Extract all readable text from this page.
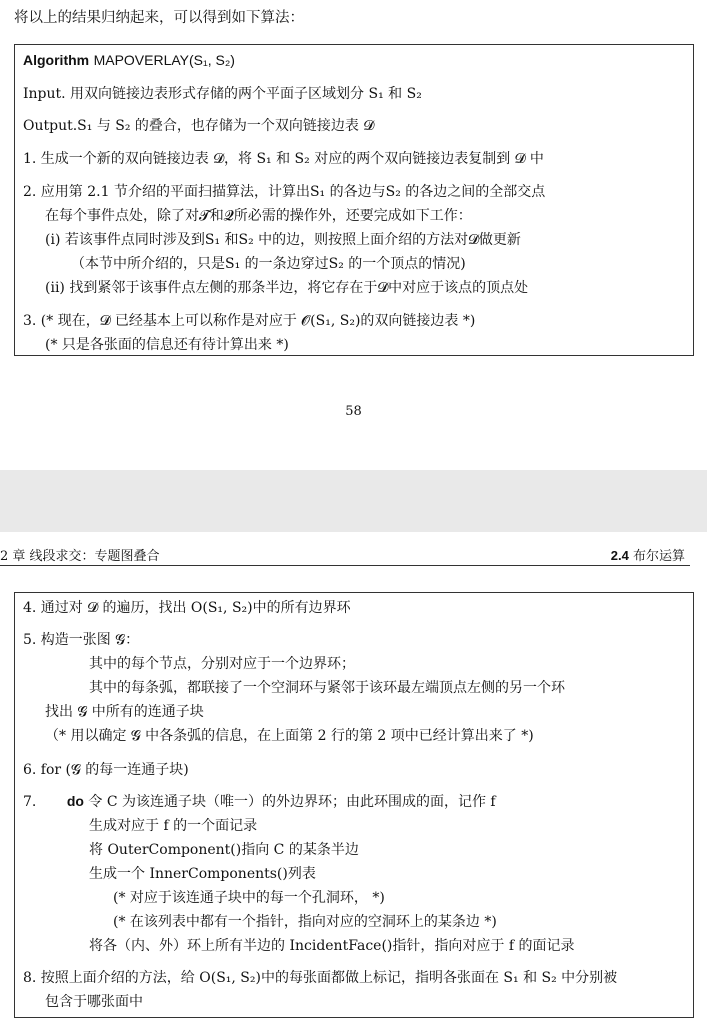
将以上的结果归纳起来，可以得到如下算法：
Algorithm MAPOVERLAY(S₁, S₂)
Input. 用双向链接边表形式存储的两个平面子区域划分 S₁ 和 S₂
Output.S₁ 与 S₂ 的叠合，也存储为一个双向链接边表 𝓓
1. 生成一个新的双向链接边表 𝓓，将 S₁ 和 S₂ 对应的两个双向链接边表复制到 𝓓 中
2. 应用第 2.1 节介绍的平面扫描算法，计算出S₁ 的各边与S₂ 的各边之间的全部交点
在每个事件点处，除了对𝓣和𝓠所必需的操作外，还要完成如下工作：
(i) 若该事件点同时涉及到S₁ 和S₂ 中的边，则按照上面介绍的方法对𝓓做更新
（本节中所介绍的，只是S₁ 的一条边穿过S₂ 的一个顶点的情况)
(ii) 找到紧邻于该事件点左侧的那条半边，将它存在于𝓓中对应于该点的顶点处
3. (* 现在，𝓓 已经基本上可以称作是对应于 𝓞(S₁, S₂)的双向链接边表 *)
(* 只是各张面的信息还有待计算出来 *)
58
2 章 线段求交：专题图叠合	2.4 布尔运算
4. 通过对 𝓓 的遍历，找出 O(S₁, S₂)中的所有边界环
5. 构造一张图 𝓖：
其中的每个节点，分别对应于一个边界环；
其中的每条弧，都联接了一个空洞环与紧邻于该环最左端顶点左侧的另一个环
找出 𝓖 中所有的连通子块
（* 用以确定 𝓖 中各条弧的信息，在上面第 2 行的第 2 项中已经计算出来了 *)
6. for (𝓖 的每一连通子块)
7. do 令 C 为该连通子块（唯一）的外边界环；由此环围成的面，记作 f
生成对应于 f 的一个面记录
将 OuterComponent()指向 C 的某条半边
生成一个 InnerComponents()列表
(* 对应于该连通子块中的每一个孔洞环， *)
(* 在该列表中都有一个指针，指向对应的空洞环上的某条边 *)
将各（内、外）环上所有半边的 IncidentFace()指针，指向对应于 f 的面记录
8. 按照上面介绍的方法，给 O(S₁, S₂)中的每张面都做上标记，指明各张面在 S₁ 和 S₂ 中分别被
包含于哪张面中
